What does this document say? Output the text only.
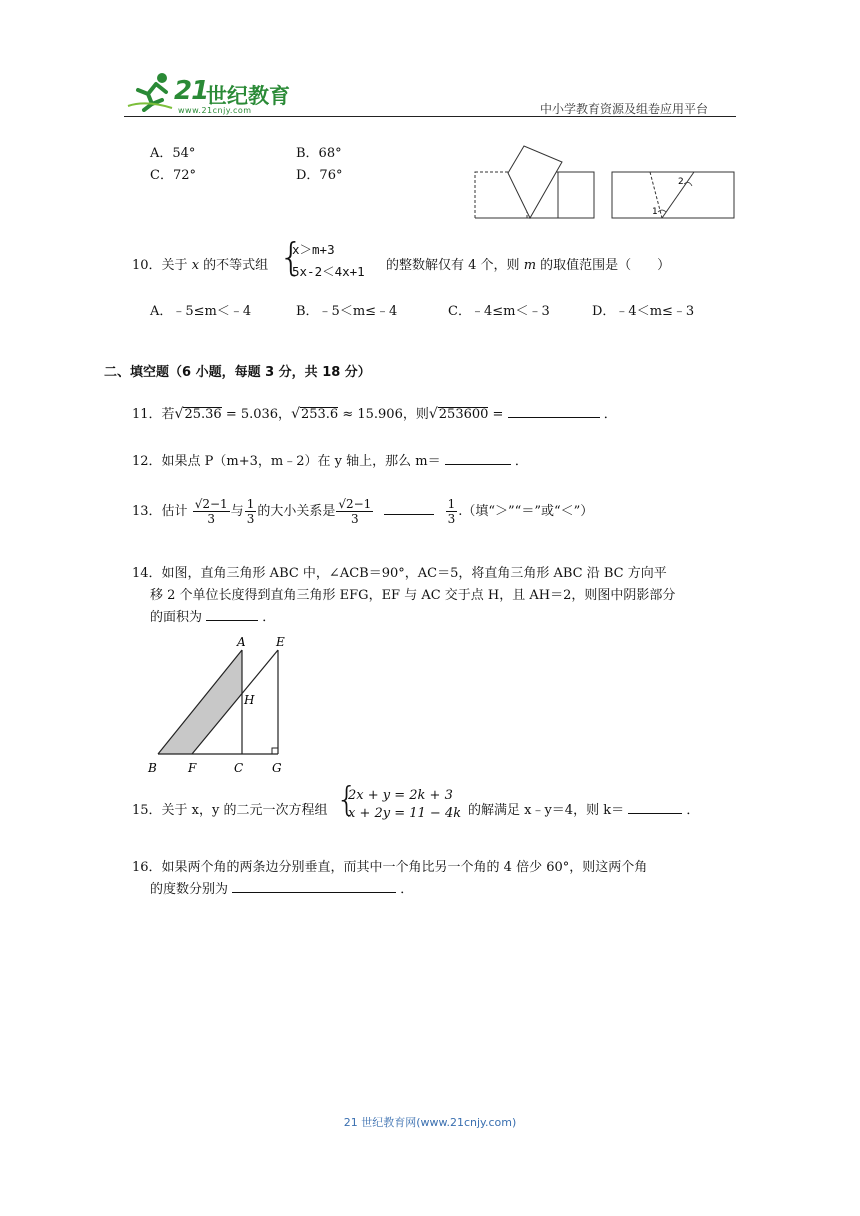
21
世纪教育
www.21cnjy.com	中小学教育资源及组卷应用平台
A．54°	B．68°
C．72°	D．76°
1
2
10．关于 x 的不等式组 {
x＞m+3
5x-2＜4x+1 的整数解仅有 4 个，则 m 的取值范围是（　　）
A．﹣5≤m＜﹣4	B．﹣5＜m≤﹣4	C．﹣4≤m＜﹣3	D．﹣4＜m≤﹣3
二、填空题（6 小题，每题 3 分，共 18 分）
11．若√25.36 = 5.036，√253.6 ≈ 15.906，则√253600 =	．
12．如果点 P（m+3，m﹣2）在 y 轴上，那么 m＝	．
13．估计 $\frac{√2-1}{3}$ 与 $\frac{1}{3}$ 的大小关系是 $\frac{√2-1}{3}$
	$\frac{1}{3}$ .（填“＞”“＝”或“＜”）
14．如图，直角三角形 ABC 中，∠ACB＝90°，AC＝5，将直角三角形 ABC 沿 BC 方向平
移 2 个单位长度得到直角三角形 EFG，EF 与 AC 交于点 H，且 AH＝2，则图中阴影部分
的面积为	．
A	E
H
B	F	C G
15．关于 x，y 的二元一次方程组 {
2x + y = 2k + 3
x + 2y = 11 − 4k 的解满足 x﹣y＝4，则 k＝	．
16．如果两个角的两条边分别垂直，而其中一个角比另一个角的 4 倍少 60°，则这两个角
的度数分别为	．
21 世纪教育网(www.21cnjy.com)
